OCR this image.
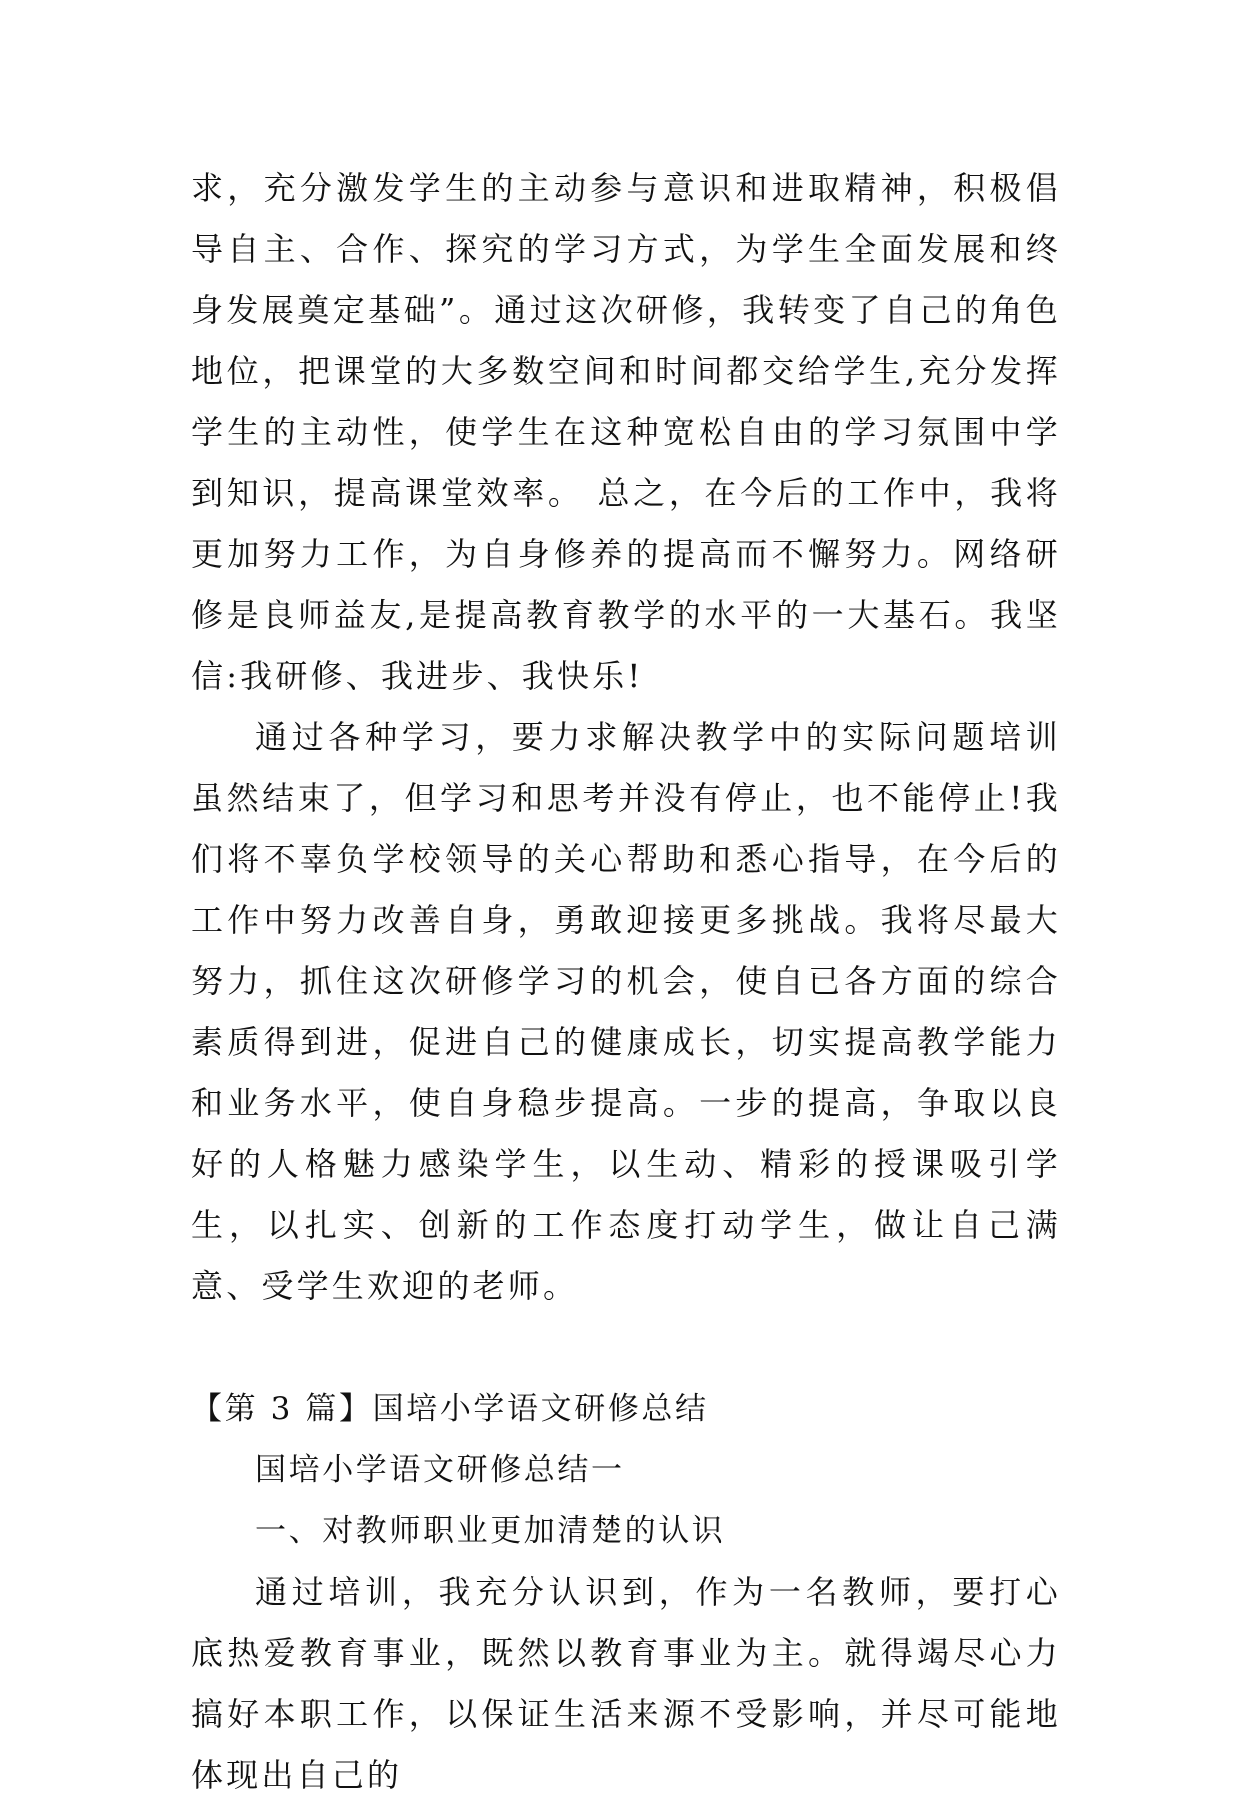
求，充分激发学生的主动参与意识和进取精神，积极倡导自主、合作、探究的学习方式，为学生全面发展和终身发展奠定基础”。通过这次研修，我转变了自己的角色地位，把课堂的大多数空间和时间都交给学生,充分发挥学生的主动性，使学生在这种宽松自由的学习氛围中学到知识，提高课堂效率。 总之，在今后的工作中，我将更加努力工作，为自身修养的提高而不懈努力。网络研修是良师益友,是提高教育教学的水平的一大基石。我坚信:我研修、我进步、我快乐!

通过各种学习，要力求解决教学中的实际问题培训虽然结束了，但学习和思考并没有停止，也不能停止!我们将不辜负学校领导的关心帮助和悉心指导，在今后的工作中努力改善自身，勇敢迎接更多挑战。我将尽最大努力，抓住这次研修学习的机会，使自已各方面的综合素质得到进，促进自己的健康成长，切实提高教学能力和业务水平，使自身稳步提高。一步的提高，争取以良好的人格魅力感染学生，以生动、精彩的授课吸引学生，以扎实、创新的工作态度打动学生，做让自己满意、受学生欢迎的老师。

【第 3 篇】国培小学语文研修总结

国培小学语文研修总结一

一、对教师职业更加清楚的认识

通过培训，我充分认识到，作为一名教师，要打心底热爱教育事业，既然以教育事业为主。就得竭尽心力搞好本职工作，以保证生活来源不受影响，并尽可能地体现出自己的
